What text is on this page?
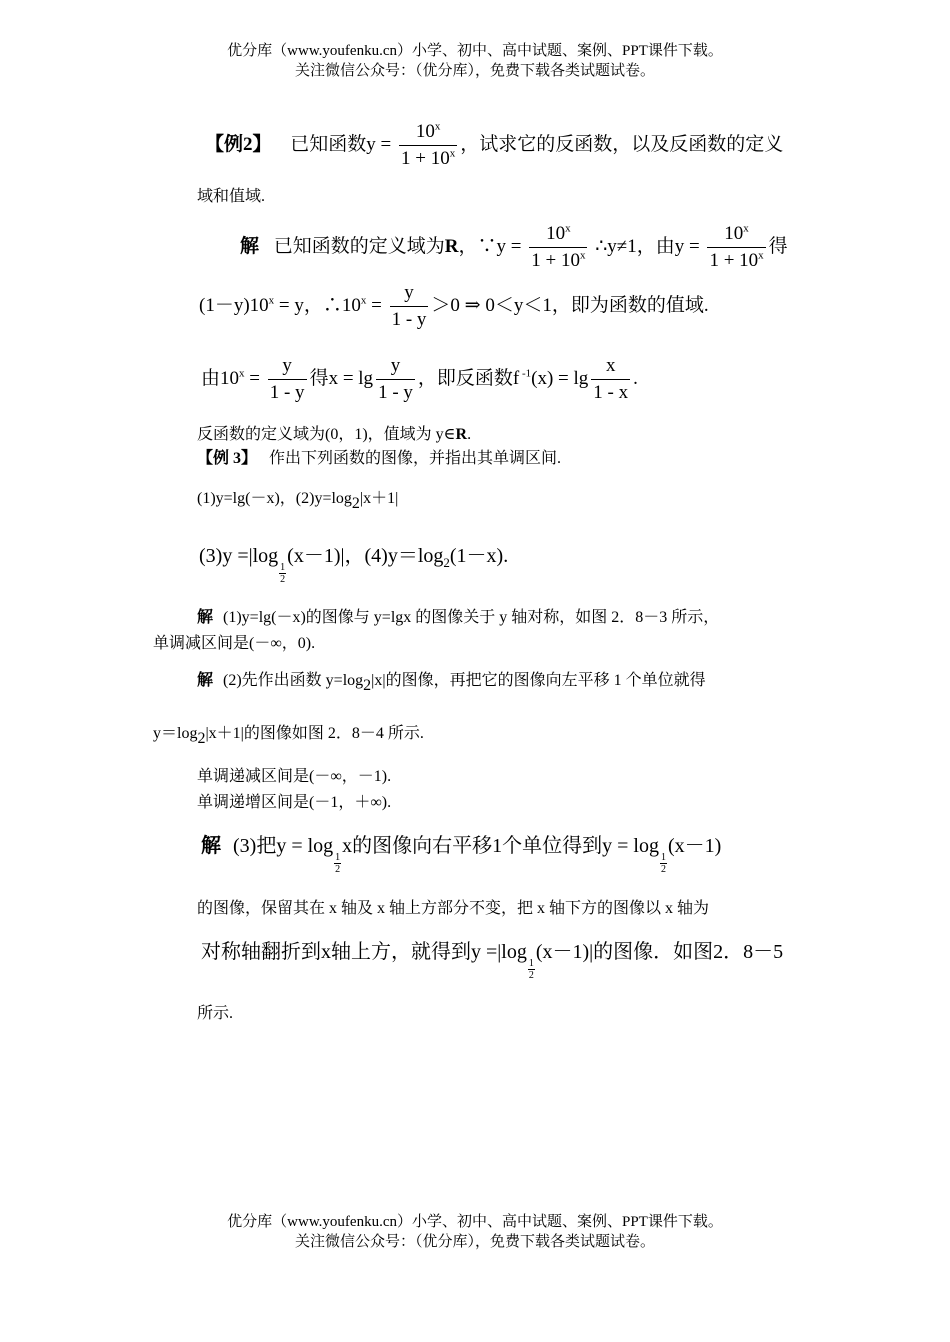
优分库（www.youfenku.cn）小学、初中、高中试题、案例、PPT课件下载。
关注微信公众号：（优分库），免费下载各类试题试卷。
【例2】 已知函数$y = \frac{10^x}{1 + 10^x}$ ，试求它的反函数，以及反函数的定义
域和值域.
解 已知函数的定义域为R，∵y = $\frac{10^x}{1 + 10^x}$ ∴y≠1，由$y = \frac{10^x}{1 + 10^x}$ 得
$(1-y)10^x = y$，$\therefore 10^x = \frac{y}{1 - y} >0$ ⇒ 0＜y＜1，即为函数的值域.
由$10^x = \frac{y}{1 - y}$ 得$x = \lg \frac{y}{1 - y}$ ，即反函数f $^{-1}(x) = \lg \frac{x}{1 - x}$ .
反函数的定义域为(0，1)，值域为 y∈R.
【例 3】 作出下列函数的图像，并指出其单调区间.
(1)y=lg(－x)，(2)y=log2|x＋1|
(3)y =|log
$\frac{1}{2}$
(x－1)|，$(4)y=\log_2(1-x)$.
解 (1)y=lg(－x)的图像与 y=lgx 的图像关于 y 轴对称，如图 2．8－3 所示，
单调减区间是(－∞，0).
解 (2)先作出函数 y=log2|x|的图像，再把它的图像向左平移 1 个单位就得
y＝log2|x＋1|的图像如图 2．8－4 所示.
单调递减区间是(－∞，－1).
单调递增区间是(－1，＋∞).
解 (3)把y = log
$\frac{1}{2}$
x的图像向右平移1个单位得到y = log
$\frac{1}{2}$
(x－1)
的图像，保留其在 x 轴及 x 轴上方部分不变，把 x 轴下方的图像以 x 轴为
对称轴翻折到x轴上方，就得到y =|log
$\frac{1}{2}$
(x－1)|的图像．如图2．8－5
所示.
优分库（www.youfenku.cn）小学、初中、高中试题、案例、PPT课件下载。
关注微信公众号：（优分库），免费下载各类试题试卷。
